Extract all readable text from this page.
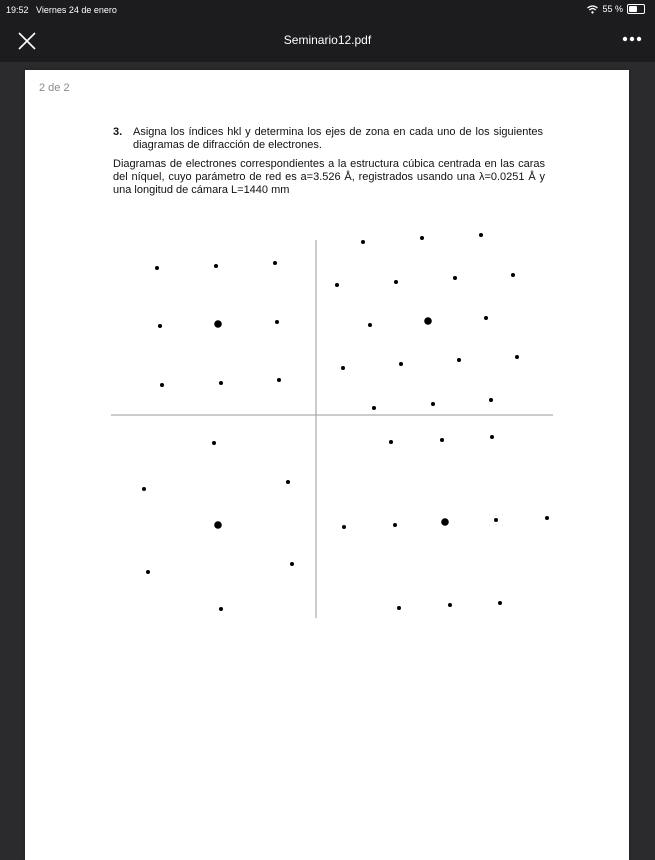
19:52 Viernes 24 de enero	55 %
Seminario12.pdf
2 de 2
3. Asigna los índices hkl y determina los ejes de zona en cada uno de los siguientes diagramas de difracción de electrones.
Diagramas de electrones correspondientes a la estructura cúbica centrada en las caras del níquel, cuyo parámetro de red es a=3.526 Å, registrados usando una λ=0.0251 Å y una longitud de cámara L=1440 mm
